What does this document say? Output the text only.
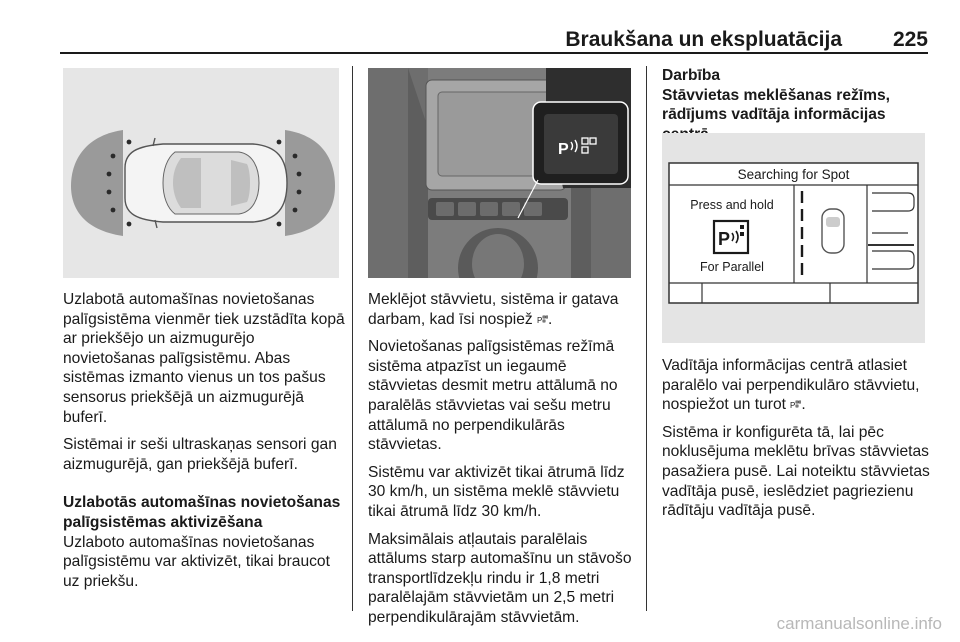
Braukšana un ekspluatācija 225

Uzlabotā automašīnas novietošanas palīgsistēma vienmēr tiek uzstādīta kopā ar priekšējo un aizmugurējo novietošanas palīgsistēmu. Abas sistēmas izmanto vienus un tos pašus sensorus priekšējā un aizmugurējā buferī.

Sistēmai ir seši ultraskaņas sensori gan aizmugurējā, gan priekšējā buferī.

Uzlabotās automašīnas novietošanas palīgsistēmas aktivizēšana

Uzlaboto automašīnas novietošanas palīgsistēmu var aktivizēt, tikai braucot uz priekšu.

P

Meklējot stāvvietu, sistēma ir gatava darbam, kad īsi nospiež P .

Novietošanas palīgsistēmas režīmā sistēma atpazīst un iegaumē stāvvietas desmit metru attālumā no paralēlās stāvvietas vai sešu metru attālumā no perpendikulārās stāvvietas.

Sistēmu var aktivizēt tikai ātrumā līdz 30 km/h, un sistēma meklē stāvvietu tikai ātrumā līdz 30 km/h.

Maksimālais atļautais paralēlais attālums starp automašīnu un stāvošo transportlīdzekļu rindu ir 1,8 metri paralēlajām stāvvietām un 2,5 metri perpendikulārajām stāvvietām.

Darbība
Stāvvietas meklēšanas režīms, rādījums vadītāja informācijas
Searching for Spot
Press and hold
P
For Parallel

Vadītāja informācijas centrā atlasiet paralēlo vai perpendikulāro stāvvietu, nospiežot un turot P .

Sistēma ir konfigurēta tā, lai pēc noklusējuma meklētu brīvas stāvvietas pasažiera pusē. Lai noteiktu stāvvietas vadītāja pusē, ieslēdziet pagriezienu rādītāju vadītāja pusē.

carmanualsonline.info
